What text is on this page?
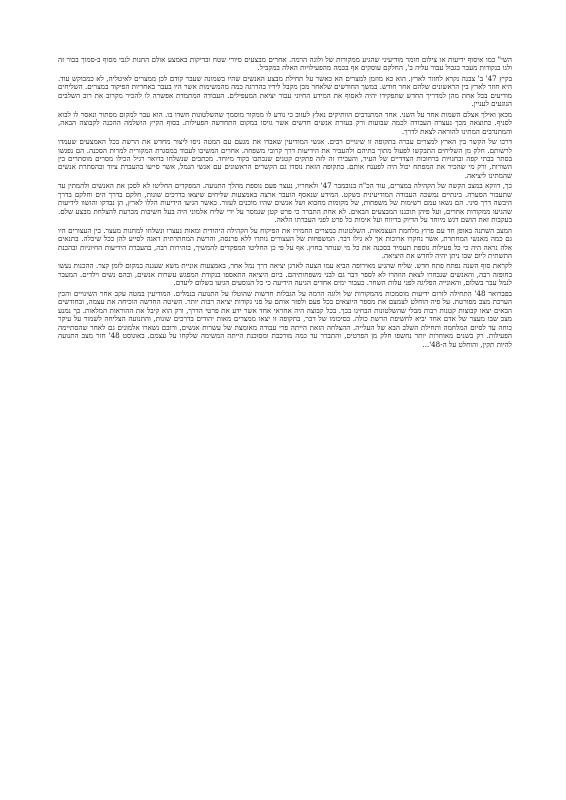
השי" כמו איסוף ידיעות או צילום חומר מודיעיני שהגיע ממקורות של ולוגה הרמה. אחרים מבצעים סיורי שטח ובדיקות באמצע אולם החנות לגבי מסוף ב-סמוך בבור זה ולגו בנקודות מעבר בגבול עבור עליה ב', החלקם עוסקים אף בכמה מהפעילויות האלה במקביל.

בקיץ 47' ב' צבנה נקרא לחזור לארץ. הוא כא מוזמן למצרים הא כאשר על תחילת מבצע האנשים שהיו בשמונה שעבר קודם לכן ממצרים לאיטליה, לא כמבוקש עוד. היא חוזר לארץ בין הראשונים שלהם אחר חודש. במשך החודשים שלאחר מכן מקבל לידיו בהדרגה כמה מהמשימות אשר היו בעבר באחריות הפיקוד במצרים. השליחים מודיעים בכל אחת מהן למדריך החדש שתפקידו יהיה לאסוף את המידע החיוני עבור יציאת המעפילים. העבודה המתמדת אפשרה לו להכיר מקרוב את רוב השלבים הנוגעים לעניין.

מכאן ואילך אצלם השמות אחד על השני. אחד המתנדבים הוותיקים נאלץ לעזוב כי נודע לו ממקור מוסמך שהשלטונות חשדו בו. הוא עבר למקום מסתור ונאסר לו לבוא לסניף. כתוצאה מכך נעצרה העבודה לכמה שבועות ורק בעזרת אנשים חדשים אשר גויסו במקום התחדשה הפעילות. בסוף הקיץ הושלמה ההכנה לקבוצה הבאה, והמתנדבים המתינו להוראה לצאת לדרך.

דרכו של הקשר בין הארץ למצרים עברה בתקופה זו שינויים רבים. אנשי המודיעין שאבדו את מגעם עם המטה ניסו ליצור מחדש את הרשת בכל האמצעים שעמדו לרשותם. חלק מן השליחים התבקשו לפעול מתוך בתיהם ולהעביר את הידיעות דרך קרובי משפחה. אחרים המשיכו לעבוד במסגרת המקורית למרות הסכנה. הם נפגשו בסתר בבתי קפה ובחנויות ברחובות הצדדיים של העיר, והעבירו זה לזה פתקים קטנים שנכתבו בקוד מיוחד. מכתבים שנשלחו בדואר רגיל הכילו מסרים מוסתרים בין השורות, ורק מי שהכיר את המפתח יכול היה לפענח אותם. בתקופה הזאת נוסדו גם הקשרים הראשונים עם אנשי הנמל, אשר סייעו בהעברת ציוד ובהסתרת אנשים שהמתינו ליציאה.

כך, דווקא במצב הקשה של הקהילה במצרים, עוד הכ"ה בנובמבר 47' ולאחריו, נעצר פעם נוספת מהלך התנועה. המפקדים החליטו לא לסכן את האנשים ולהמתין עד שתעבור הסערה. בינתיים נמשכה העבודה המודיעינית בשקט. המידע שנאסף הועבר ארצה באמצעות שליחים שיצאו בדרכים שונות, חלקם בדרך הים וחלקם בדרך היבשה דרך סיני. הם נשאו עמם רשימות של משפחות, של מקומות מחבוא ושל אנשים שהיו מוכנים לעזור. כאשר הגיעו הידיעות הללו לארץ, הן נבדקו והושוו לידיעות שהגיעו ממקורות אחרים, ועל פיהן תוכננו המבצעים הבאים. לא אחת התברר כי פרט קטן שנמסר על ידי שליח אלמוני היה בעל חשיבות מכרעת להצלחת מבצע שלם. בעקבות זאת הושם דגש מיוחד על הדיוק בדיווח ועל אימות כל פרט לפני העברתו הלאה.

המצב השתנה באופן חד עם פרוץ מלחמת העצמאות. השלטונות במצרים החמירו את הפיקוח על הקהילה היהודית ומאות נעצרו ונשלחו למחנות מעצר. בין העצורים היו גם כמה מאנשי המחתרת, אשר נחקרו ארוכות אך לא גילו דבר. המשפחות של העצורים נותרו ללא פרנסה, והרשת המחתרתית דאגה לסייע להן ככל שיכלה. בתנאים אלה נראה היה כי כל פעילות נוספת תעמיד בסכנה את כל מי שנותר בחוץ. אף על פי כן החליטו המפקדים להמשיך, בזהירות רבה, בהעברת הידיעות החיוניות ובהכנת התשתית ליום שבו ניתן יהיה לחדש את היציאה.

לקראת סוף השנה נפתח פתח חדש. שליח שהגיע מאירופה הביא עמו הצעה לארגן יציאה דרך נמל אחר, באמצעות אוניית משא שעגנה במקום לזמן קצר. ההכנות נעשו בחופזה רבה, והאנשים שנבחרו לצאת הוזהרו לא לספר דבר גם לבני משפחותיהם. ביום היציאה התאספו בנקודת המפגש עשרות אנשים, ובהם נשים וילדים. המעבר לנמל עבר בשלום, והאונייה הפליגה לפני עלות השחר. כעבור ימים אחדים הגיעה הידיעה כי כל הנוסעים הגיעו בשלום ליעדם.

בפברואר 48' התחילה לזרום ידיעות מוסמכות מהמקורות של ולוגה הרמה על הגבלות חדשות שהוטלו על התנועה בנמלים. המודיעין במטה עקב אחר השינויים והכין הערכת מצב מפורטת. על פיה הוחלט לצמצם את מספר היוצאים בכל פעם ולפזר אותם על פני נקודות יציאה רבות יותר. השיטה החדשה הוכיחה את עצמה, ובחודשים הבאים יצאו קבוצות קטנות רבות מבלי שהשלטונות הבחינו בכך. בכל קבוצה היה אחראי אחד אשר ידע את פרטי הדרך, ורק הוא קיבל את ההוראות המלאות. כך נמנע מצב שבו מעצר של אדם אחד יביא לחשיפת הרשת כולה. בסיכומו של דבר, בתקופה זו יצאו ממצרים מאות יהודים בדרכים שונות, והתנועה הצליחה לשמור על עיקר כוחה עד לסיום המלחמה ותחילת השלב הבא של העלייה. ההצלחה הזאת הייתה פרי עבודה מאומצת של עשרות אנשים, ורובם נשארו אלמונים גם לאחר שהסתיימה הפעילות. רק בשנים מאוחרות יותר נחשפו חלק מן הפרטים, והתברר עד כמה מורכבת ומסוכנת הייתה המשימה שלקחו על עצמם. באוגוסט 48' חזר מצב התנועה להיות תקין, והוחלט על ה-48'...
